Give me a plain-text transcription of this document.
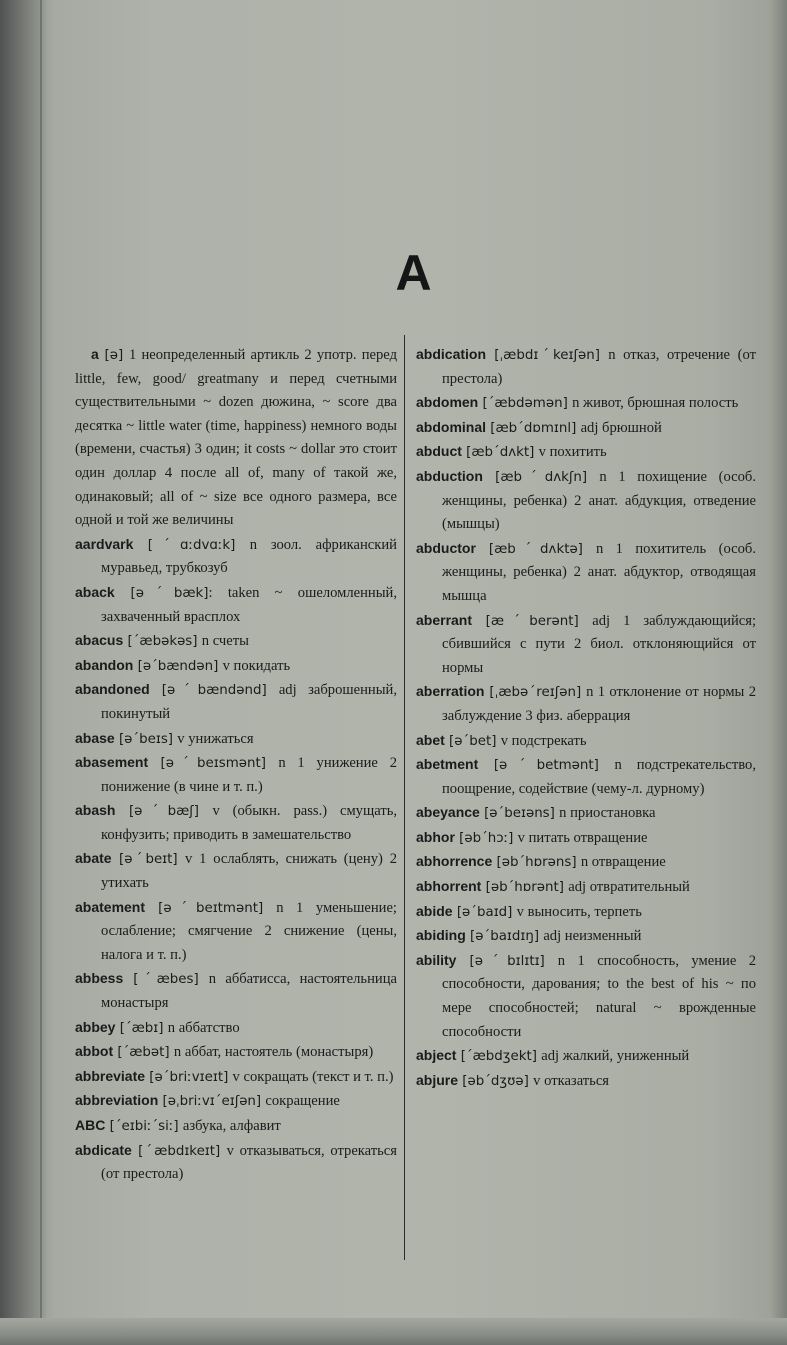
A

a [ə] 1 неопределенный артикль 2 употр. перед little, few, good/ greatmany и перед счетными существительными ~ dozen дюжина, ~ score два десятка ~ little water (time, happiness) немного воды (времени, счастья) 3 один; it costs ~ dollar это стоит один доллар 4 после all of, many of такой же, одинаковый; all of ~ size все одного размера, все одной и той же величины

aardvark [ˊɑːdvɑːk] n зоол. африканский муравьед, трубкозуб

aback [əˊbæk]: taken ~ ошеломленный, захваченный врасплох

abacus [ˊæbəkəs] n счеты

abandon [əˊbændən] v покидать

abandoned [əˊbændənd] adj заброшенный, покинутый

abase [əˊbeɪs] v унижаться

abasement [əˊbeɪsmənt] n 1 унижение 2 понижение (в чине и т. п.)

abash [əˊbæʃ] v (обыкн. pass.) смущать, конфузить; приводить в замешательство

abate [əˊbeɪt] v 1 ослаблять, снижать (цену) 2 утихать

abatement [əˊbeɪtmənt] n 1 уменьшение; ослабление; смягчение 2 снижение (цены, налога и т. п.)

abbess [ˊæbes] n аббатисса, настоятельница монастыря

abbey [ˊæbɪ] n аббатство

abbot [ˊæbət] n аббат, настоятель (монастыря)

abbreviate [əˊbriːvɪeɪt] v сокращать (текст и т. п.)

abbreviation [əˌbriːvɪˊeɪʃən] сокращение

ABC [ˊeɪbiːˊsiː] азбука, алфавит

abdicate [ˊæbdɪkeɪt] v отказываться, отрекаться (от престола)

abdication [ˌæbdɪˊkeɪʃən] n отказ, отречение (от престола)

abdomen [ˊæbdəmən] n живот, брюшная полость

abdominal [æbˊdɒmɪnl] adj брюшной

abduct [æbˊdʌkt] v похитить

abduction [æbˊdʌkʃn] n 1 похищение (особ. женщины, ребенка) 2 анат. абдукция, отведение (мышцы)

abductor [æbˊdʌktə] n 1 похититель (особ. женщины, ребенка) 2 анат. абдуктор, отводящая мышца

aberrant [æˊberənt] adj 1 заблуждающийся; сбившийся с пути 2 биол. отклоняющийся от нормы

aberration [ˌæbəˊreɪʃən] n 1 отклонение от нормы 2 заблуждение 3 физ. аберрация

abet [əˊbet] v подстрекать

abetment [əˊbetmənt] n подстрекательство, поощрение, содействие (чему-л. дурному)

abeyance [əˊbeɪəns] n приостановка

abhor [əbˊhɔː] v питать отвращение

abhorrence [əbˊhɒrəns] n отвращение

abhorrent [əbˊhɒrənt] adj отвратительный

abide [əˊbaɪd] v выносить, терпеть

abiding [əˊbaɪdɪŋ] adj неизменный

ability [əˊbɪlɪtɪ] n 1 способность, умение 2 способности, дарования; to the best of his ~ по мере способностей; natural ~ врожденные способности

abject [ˊæbdʒekt] adj жалкий, униженный

abjure [əbˊdʒʊə] v отказаться
